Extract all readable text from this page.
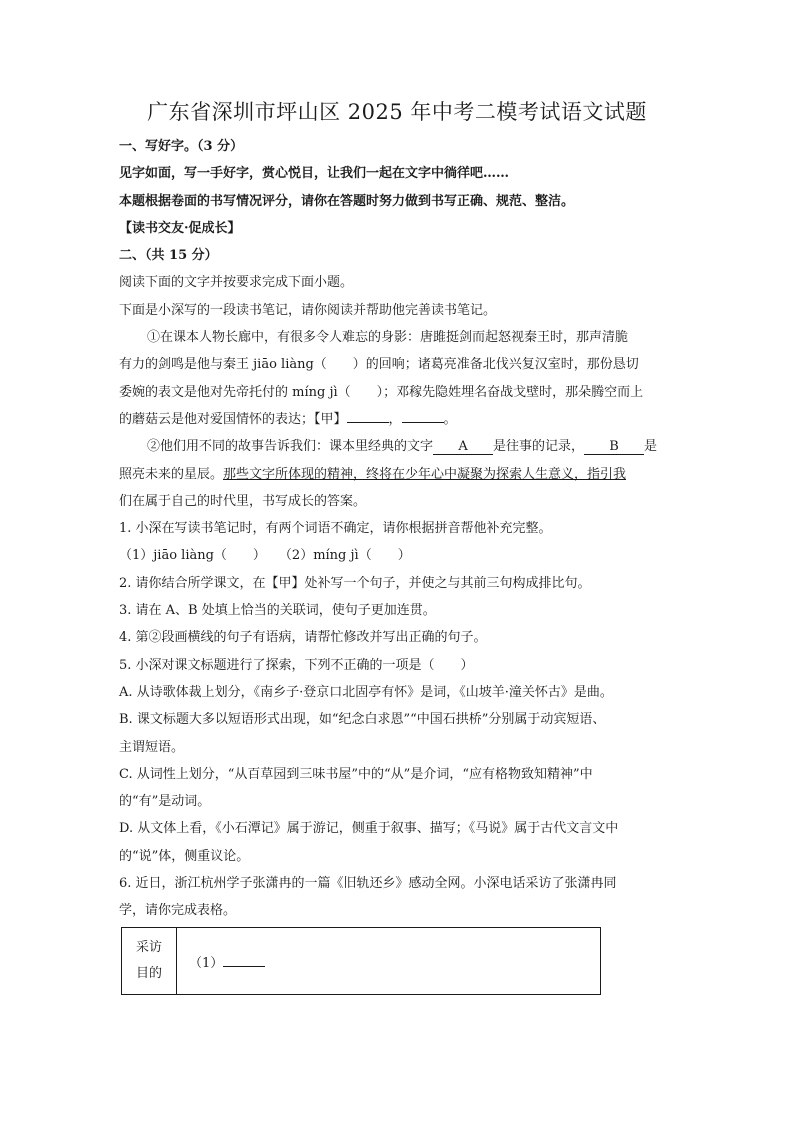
广东省深圳市坪山区 2025 年中考二模考试语文试题
一、写好字。（3 分）
见字如面，写一手好字，赏心悦目，让我们一起在文字中徜徉吧……
本题根据卷面的书写情况评分，请你在答题时努力做到书写正确、规范、整洁。
【读书交友·促成长】
二、（共 15 分）
阅读下面的文字并按要求完成下面小题。
下面是小深写的一段读书笔记，请你阅读并帮助他完善读书笔记。
①在课本人物长廊中，有很多令人难忘的身影：唐雎挺剑而起怒视秦王时，那声清脆
有力的剑鸣是他与秦王 jiāo liàng（　　）的回响；诸葛亮准备北伐兴复汉室时，那份恳切
委婉的表文是他对先帝托付的 míng jì（　　）；邓稼先隐姓埋名奋战戈壁时，那朵腾空而上
的蘑菇云是他对爱国情怀的表达；【甲】	，	。
②他们用不同的故事告诉我们：课本里经典的文字 A 是往事的记录， B 是
照亮未来的星辰。那些文字所体现的精神，终将在少年心中凝聚为探索人生意义，指引我
们在属于自己的时代里，书写成长的答案。
1. 小深在写读书笔记时，有两个词语不确定，请你根据拼音帮他补充完整。
（1）jiāo liàng（　　）　　（2）míng jì（　　）
2. 请你结合所学课文，在【甲】处补写一个句子，并使之与其前三句构成排比句。
3. 请在 A、B 处填上恰当的关联词，使句子更加连贯。
4. 第②段画横线的句子有语病，请帮忙修改并写出正确的句子。
5. 小深对课文标题进行了探索，下列不正确的一项是（　　）
A. 从诗歌体裁上划分，《南乡子·登京口北固亭有怀》是词，《山坡羊·潼关怀古》是曲。
B. 课文标题大多以短语形式出现，如“纪念白求恩”“中国石拱桥”分别属于动宾短语、
主谓短语。
C. 从词性上划分，“从百草园到三味书屋”中的“从”是介词，“应有格物致知精神”中
的“有”是动词。
D. 从文体上看，《小石潭记》属于游记，侧重于叙事、描写；《马说》属于古代文言文中
的“说”体，侧重议论。
6. 近日，浙江杭州学子张潇冉的一篇《旧轨还乡》感动全网。小深电话采访了张潇冉同
学，请你完成表格。
采访
目的
	（1）
